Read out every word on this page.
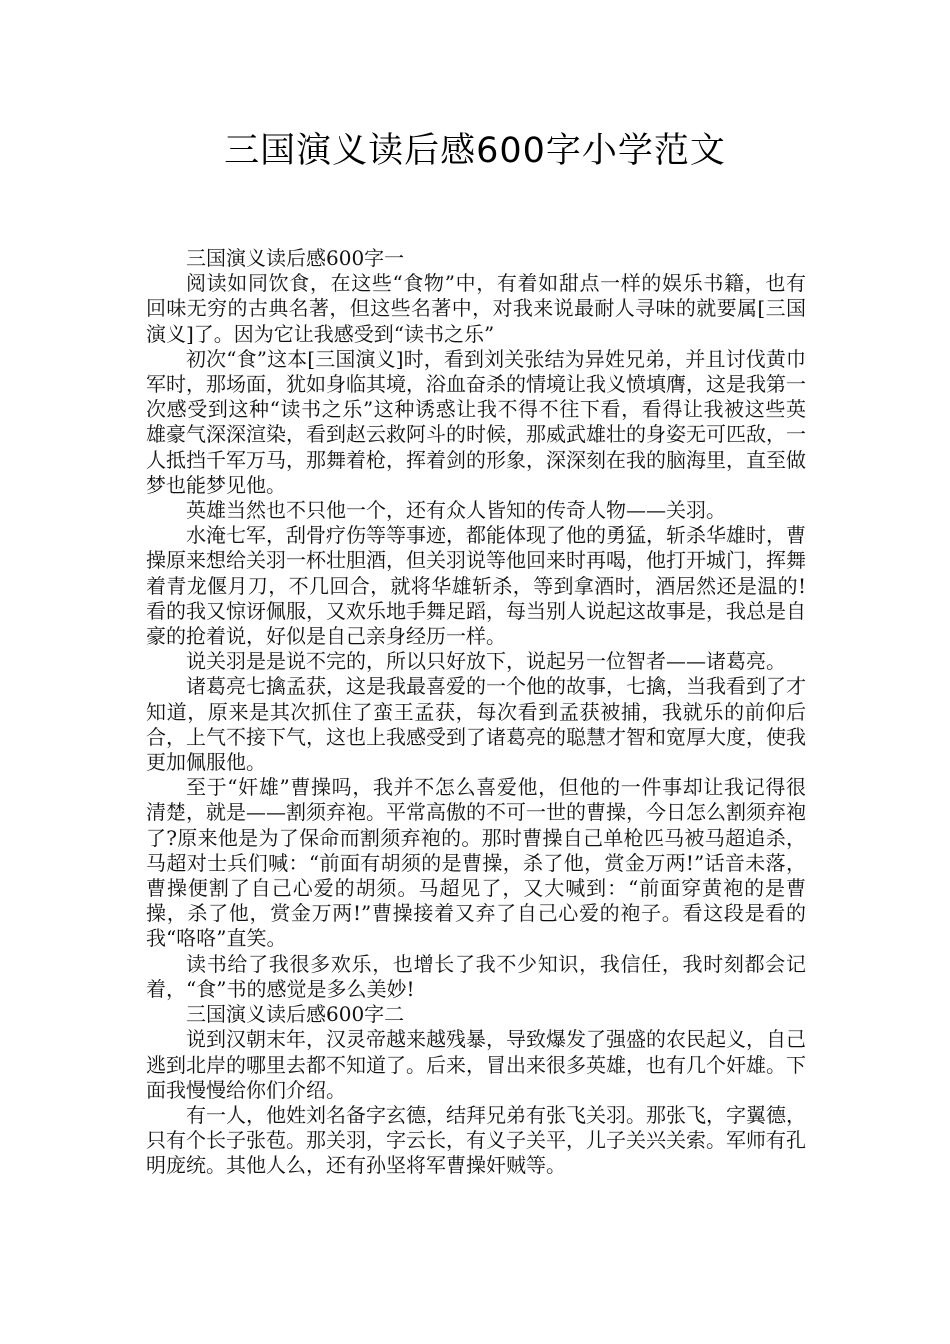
三国演义读后感600字小学范文

三国演义读后感600字一

阅读如同饮食，在这些“食物”中，有着如甜点一样的娱乐书籍，也有回味无穷的古典名著，但这些名著中，对我来说最耐人寻味的就要属[三国演义]了。因为它让我感受到“读书之乐”

初次“食”这本[三国演义]时，看到刘关张结为异姓兄弟，并且讨伐黄巾军时，那场面，犹如身临其境，浴血奋杀的情境让我义愤填膺，这是我第一次感受到这种“读书之乐”这种诱惑让我不得不往下看，看得让我被这些英雄豪气深深渲染，看到赵云救阿斗的时候，那威武雄壮的身姿无可匹敌，一人抵挡千军万马，那舞着枪，挥着剑的形象，深深刻在我的脑海里，直至做梦也能梦见他。

英雄当然也不只他一个，还有众人皆知的传奇人物——关羽。

水淹七军，刮骨疗伤等等事迹，都能体现了他的勇猛，斩杀华雄时，曹操原来想给关羽一杯壮胆酒，但关羽说等他回来时再喝，他打开城门，挥舞着青龙偃月刀，不几回合，就将华雄斩杀，等到拿酒时，酒居然还是温的!看的我又惊讶佩服，又欢乐地手舞足蹈，每当别人说起这故事是，我总是自豪的抢着说，好似是自己亲身经历一样。

说关羽是是说不完的，所以只好放下，说起另一位智者——诸葛亮。

诸葛亮七擒孟获，这是我最喜爱的一个他的故事，七擒，当我看到了才知道，原来是其次抓住了蛮王孟获，每次看到孟获被捕，我就乐的前仰后合，上气不接下气，这也上我感受到了诸葛亮的聪慧才智和宽厚大度，使我更加佩服他。

至于“奸雄”曹操吗，我并不怎么喜爱他，但他的一件事却让我记得很清楚，就是——割须弃袍。平常高傲的不可一世的曹操，今日怎么割须弃袍了?原来他是为了保命而割须弃袍的。那时曹操自己单枪匹马被马超追杀，马超对士兵们喊：“前面有胡须的是曹操，杀了他，赏金万两!”话音未落，曹操便割了自己心爱的胡须。马超见了，又大喊到：“前面穿黄袍的是曹操，杀了他，赏金万两!”曹操接着又弃了自己心爱的袍子。看这段是看的我“咯咯”直笑。

读书给了我很多欢乐，也增长了我不少知识，我信任，我时刻都会记着，“食”书的感觉是多么美妙!

三国演义读后感600字二

说到汉朝末年，汉灵帝越来越残暴，导致爆发了强盛的农民起义，自己逃到北岸的哪里去都不知道了。后来，冒出来很多英雄，也有几个奸雄。下面我慢慢给你们介绍。

有一人，他姓刘名备字玄德，结拜兄弟有张飞关羽。那张飞，字翼德，只有个长子张苞。那关羽，字云长，有义子关平，儿子关兴关索。军师有孔明庞统。其他人么，还有孙坚将军曹操奸贼等。
